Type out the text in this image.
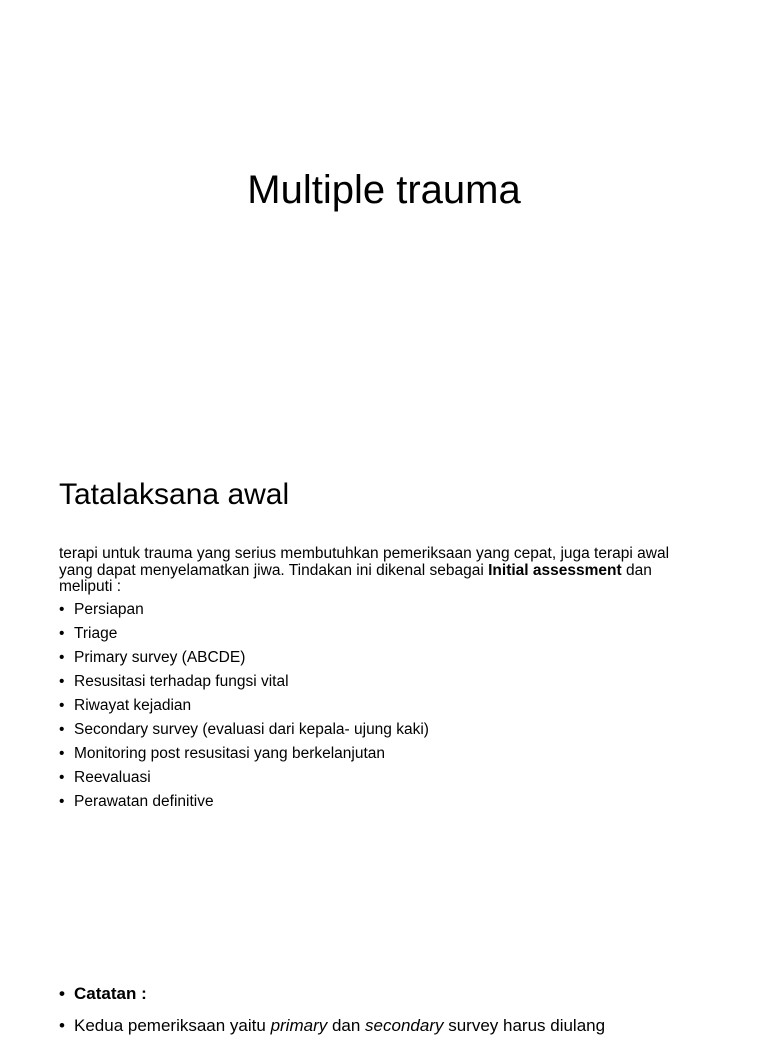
Multiple trauma
Tatalaksana awal

terapi untuk trauma yang serius membutuhkan pemeriksaan yang cepat, juga terapi awal yang dapat menyelamatkan jiwa. Tindakan ini dikenal sebagai Initial assessment dan meliputi :

• Persiapan
• Triage
• Primary survey (ABCDE)
• Resusitasi terhadap fungsi vital
• Riwayat kejadian
• Secondary survey (evaluasi dari kepala- ujung kaki)
• Monitoring post resusitasi yang berkelanjutan
• Reevaluasi
• Perawatan definitive
• Catatan :
• Kedua pemeriksaan yaitu primary dan secondary survey harus diulang
